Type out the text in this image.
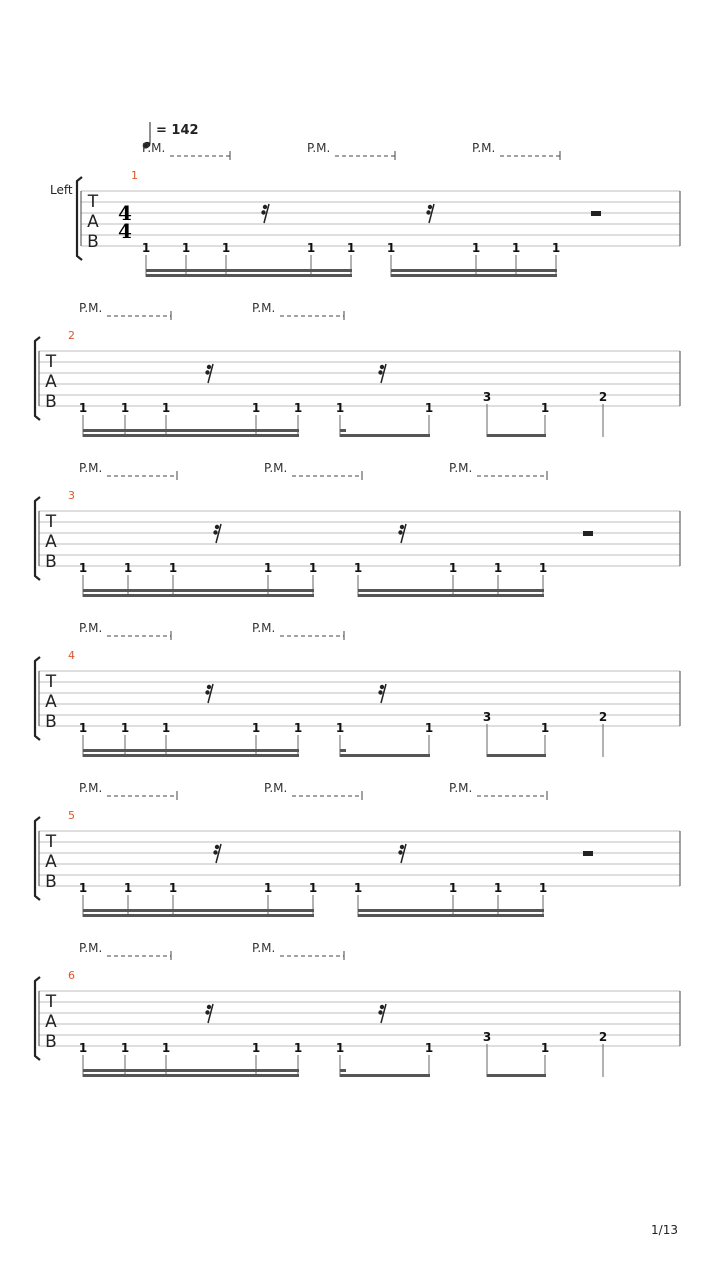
= 142
Left
T
A
B
4
4
1
P.M.	P.M.	P.M.
1	1	1	1	1	1	1	1	1
T
A
B
2
P.M.	P.M.
1	1	1	1	1	1	1
3
1
2
T
A
B
3
P.M.	P.M.	P.M.
1	1	1	1	1	1	1	1	1
T
A
B
4
P.M.	P.M.
1	1	1	1	1	1	1
3
1
2
T
A
B
5
P.M.	P.M.	P.M.
1	1	1	1	1	1	1	1	1
T
A
B
6
P.M.	P.M.
1	1	1	1	1	1	1
3
1
2
1/13
